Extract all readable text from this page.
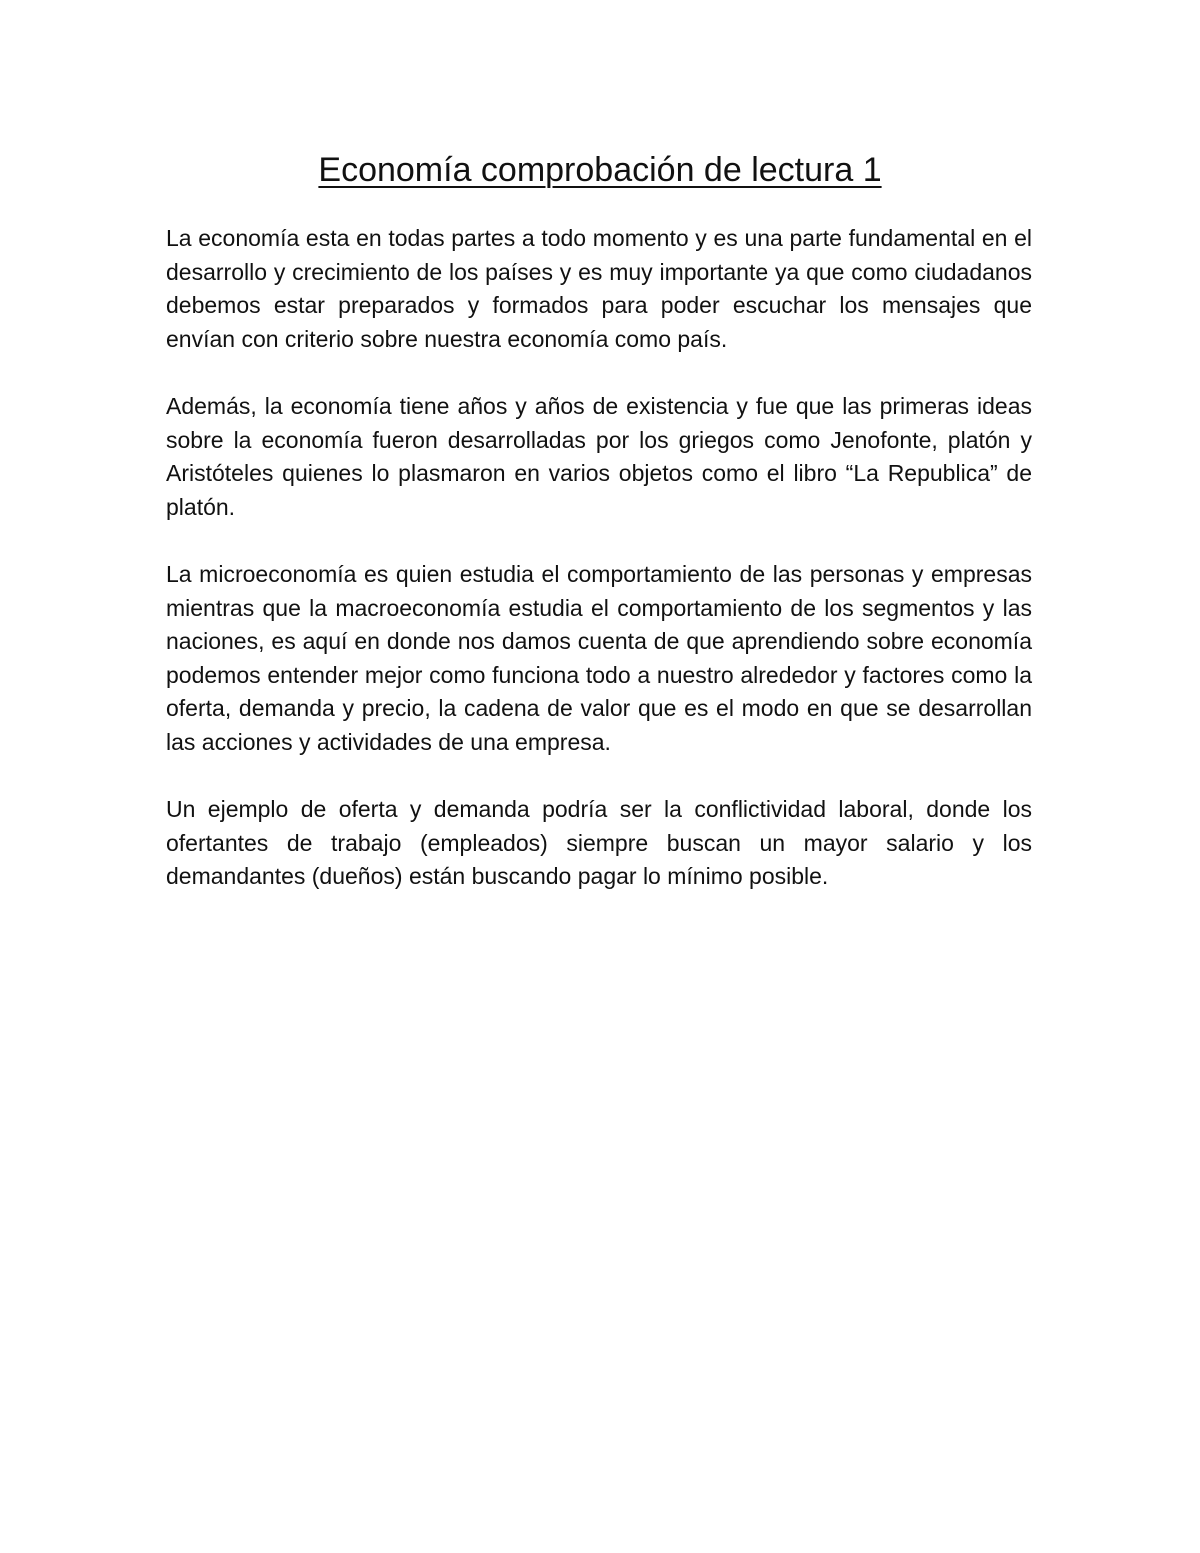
Economía comprobación de lectura 1

La economía esta en todas partes a todo momento y es una parte fundamental en el desarrollo y crecimiento de los países y es muy importante ya que como ciudadanos debemos estar preparados y formados para poder escuchar los mensajes que envían con criterio sobre nuestra economía como país.

Además, la economía tiene años y años de existencia y fue que las primeras ideas sobre la economía fueron desarrolladas por los griegos como Jenofonte, platón y Aristóteles quienes lo plasmaron en varios objetos como el libro “La Republica” de platón.

La microeconomía es quien estudia el comportamiento de las personas y empresas mientras que la macroeconomía estudia el comportamiento de los segmentos y las naciones, es aquí en donde nos damos cuenta de que aprendiendo sobre economía podemos entender mejor como funciona todo a nuestro alrededor y factores como la oferta, demanda y precio, la cadena de valor que es el modo en que se desarrollan las acciones y actividades de una empresa.

Un ejemplo de oferta y demanda podría ser la conflictividad laboral, donde los ofertantes de trabajo (empleados) siempre buscan un mayor salario y los demandantes (dueños) están buscando pagar lo mínimo posible.
